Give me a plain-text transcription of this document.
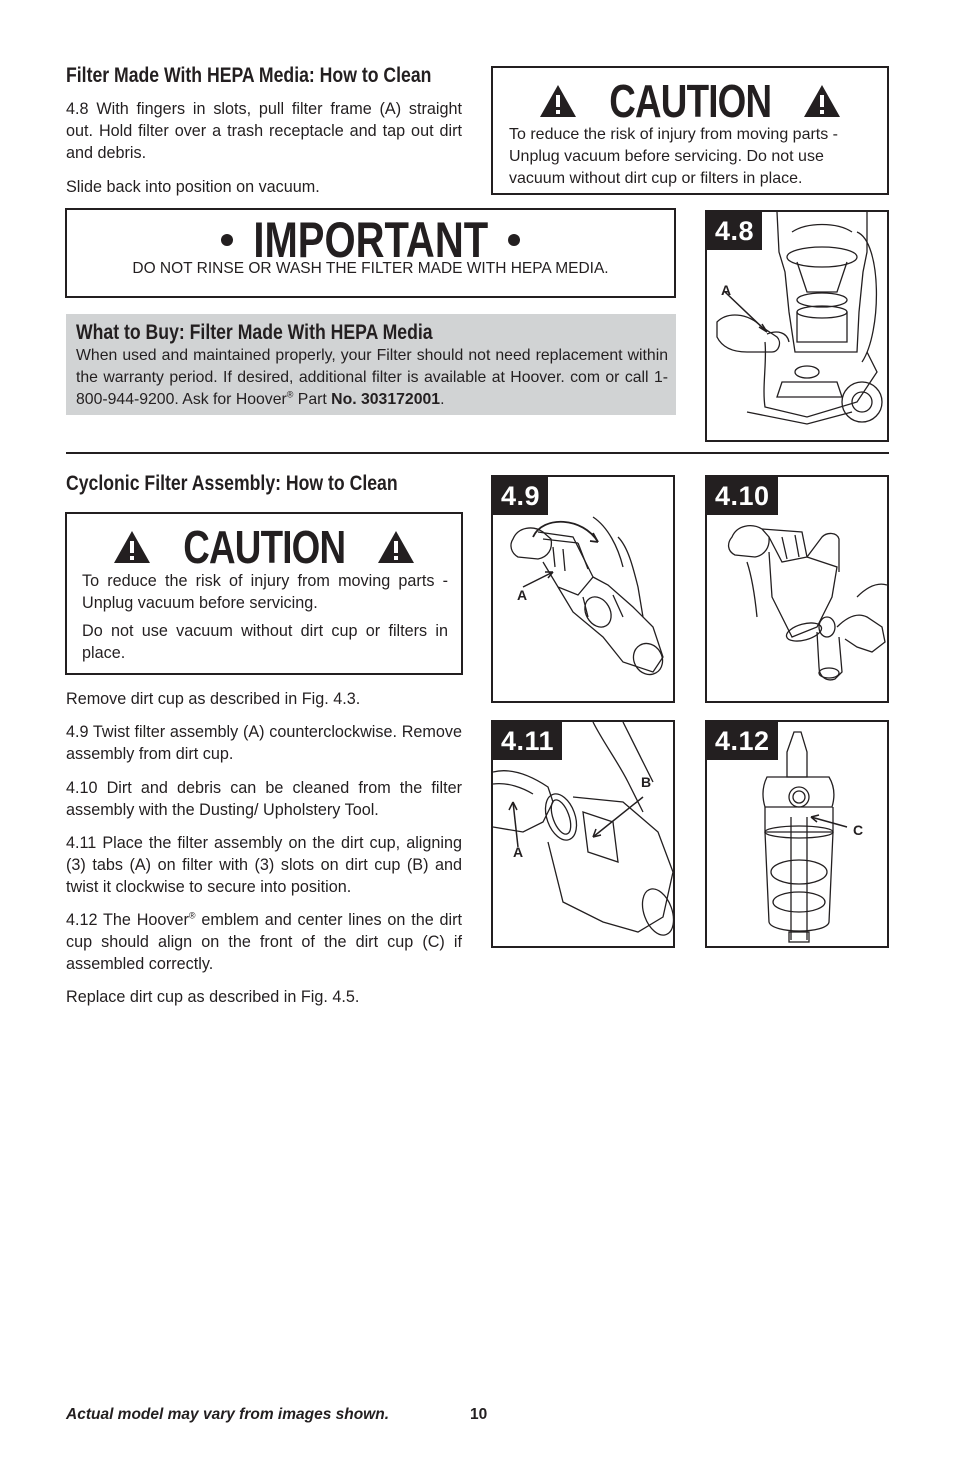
Filter Made With HEPA Media: How to Clean
4.8 With fingers in slots, pull filter frame (A) straight out. Hold filter over a trash receptacle and tap out dirt and debris.
Slide back into position on vacuum.
CAUTION
To reduce the risk of injury from moving parts - Unplug vacuum before servicing. Do not use vacuum without dirt cup or filters in place.
IMPORTANT
DO NOT RINSE OR WASH THE FILTER MADE WITH HEPA MEDIA.
What to Buy: Filter Made With HEPA Media
When used and maintained properly, your Filter should not need replacement within the warranty period. If desired, additional filter is available at Hoover. com or call 1-800-944-9200. Ask for Hoover® Part No. 303172001.
4.8
A
Cyclonic Filter Assembly: How to Clean
CAUTION
To reduce the risk of injury from moving parts - Unplug vacuum before servicing.
Do not use vacuum without dirt cup or filters in place.
Remove dirt cup as described in Fig. 4.3.
4.9 Twist filter assembly (A) counterclockwise. Remove assembly from dirt cup.
4.10 Dirt and debris can be cleaned from the filter assembly with the Dusting/ Upholstery Tool.
4.11 Place the filter assembly on the dirt cup, aligning (3) tabs (A) on filter with (3) slots on dirt cup (B) and twist it clockwise to secure into position.
4.12 The Hoover® emblem and center lines on the dirt cup should align on the front of the dirt cup (C) if assembled correctly.
Replace dirt cup as described in Fig. 4.5.
4.9
A
4.10
4.11
A
B
4.12
C
Actual model may vary from images shown.	10
